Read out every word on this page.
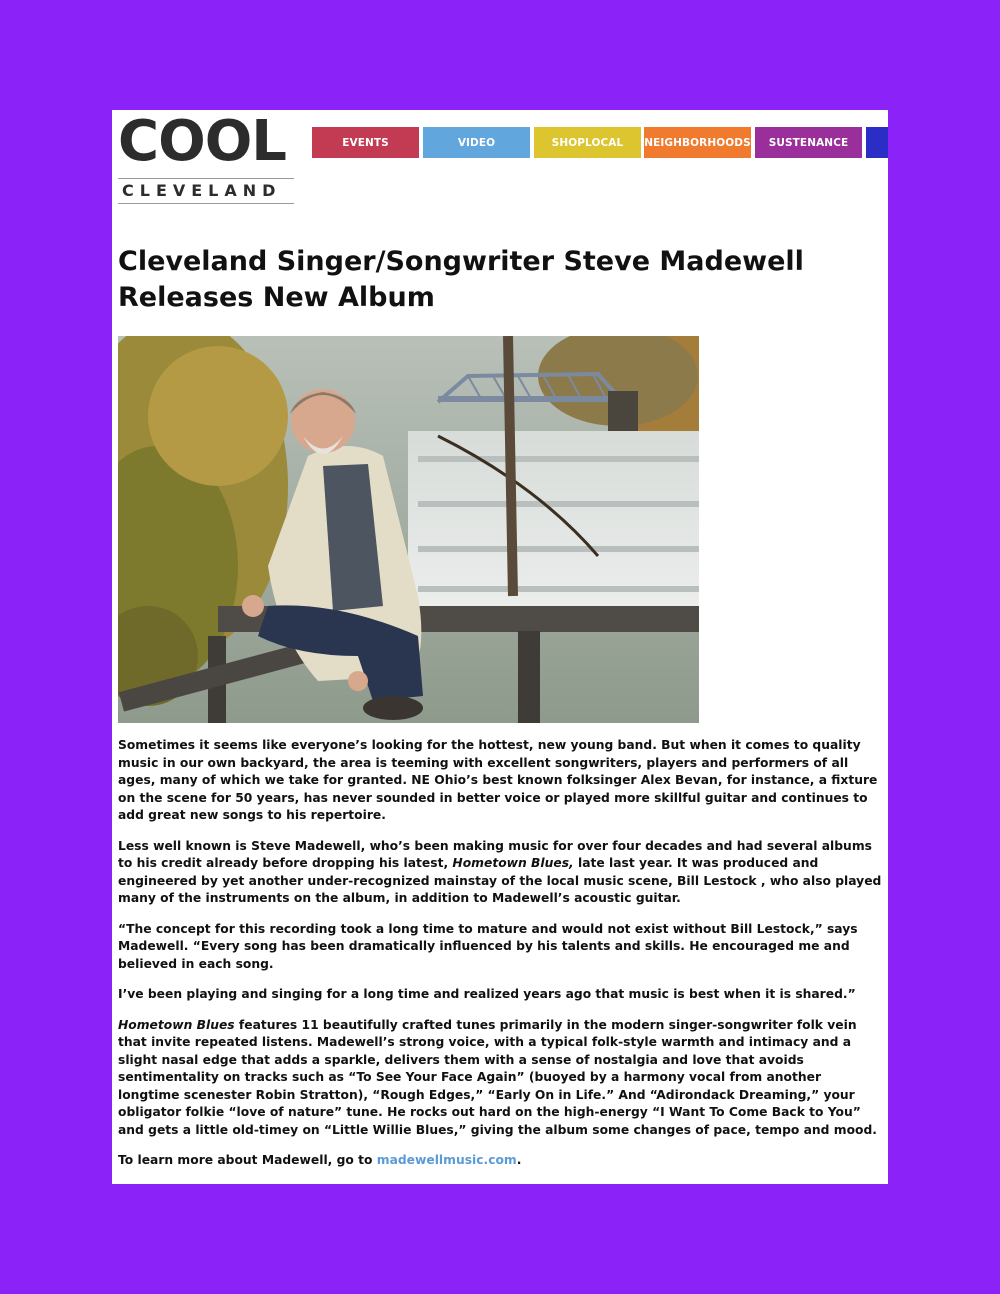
COOL
CLEVELAND
EVENTS	VIDEO	SHOPLOCAL	NEIGHBORHOODS	SUSTENANCE
Cleveland Singer/Songwriter Steve Madewell Releases New Album

Sometimes it seems like everyone’s looking for the hottest, new young band. But when it comes to quality music in our own backyard, the area is teeming with excellent songwriters, players and performers of all ages, many of which we take for granted. NE Ohio’s best known folksinger Alex Bevan, for instance, a fixture on the scene for 50 years, has never sounded in better voice or played more skillful guitar and continues to add great new songs to his repertoire.

Less well known is Steve Madewell, who’s been making music for over four decades and had several albums to his credit already before dropping his latest, Hometown Blues, late last year. It was produced and engineered by yet another under-recognized mainstay of the local music scene, Bill Lestock , who also played many of the instruments on the album, in addition to Madewell’s acoustic guitar.

“The concept for this recording took a long time to mature and would not exist without Bill Lestock,” says Madewell. “Every song has been dramatically influenced by his talents and skills. He encouraged me and believed in each song.

I’ve been playing and singing for a long time and realized years ago that music is best when it is shared.”

Hometown Blues features 11 beautifully crafted tunes primarily in the modern singer-songwriter folk vein that invite repeated listens. Madewell’s strong voice, with a typical folk-style warmth and intimacy and a slight nasal edge that adds a sparkle, delivers them with a sense of nostalgia and love that avoids sentimentality on tracks such as “To See Your Face Again” (buoyed by a harmony vocal from another longtime scenester Robin Stratton), “Rough Edges,” “Early On in Life.” And “Adirondack Dreaming,” your obligator folkie “love of nature” tune. He rocks out hard on the high-energy “I Want To Come Back to You” and gets a little old-timey on “Little Willie Blues,” giving the album some changes of pace, tempo and mood.

To learn more about Madewell, go to madewellmusic.com.
